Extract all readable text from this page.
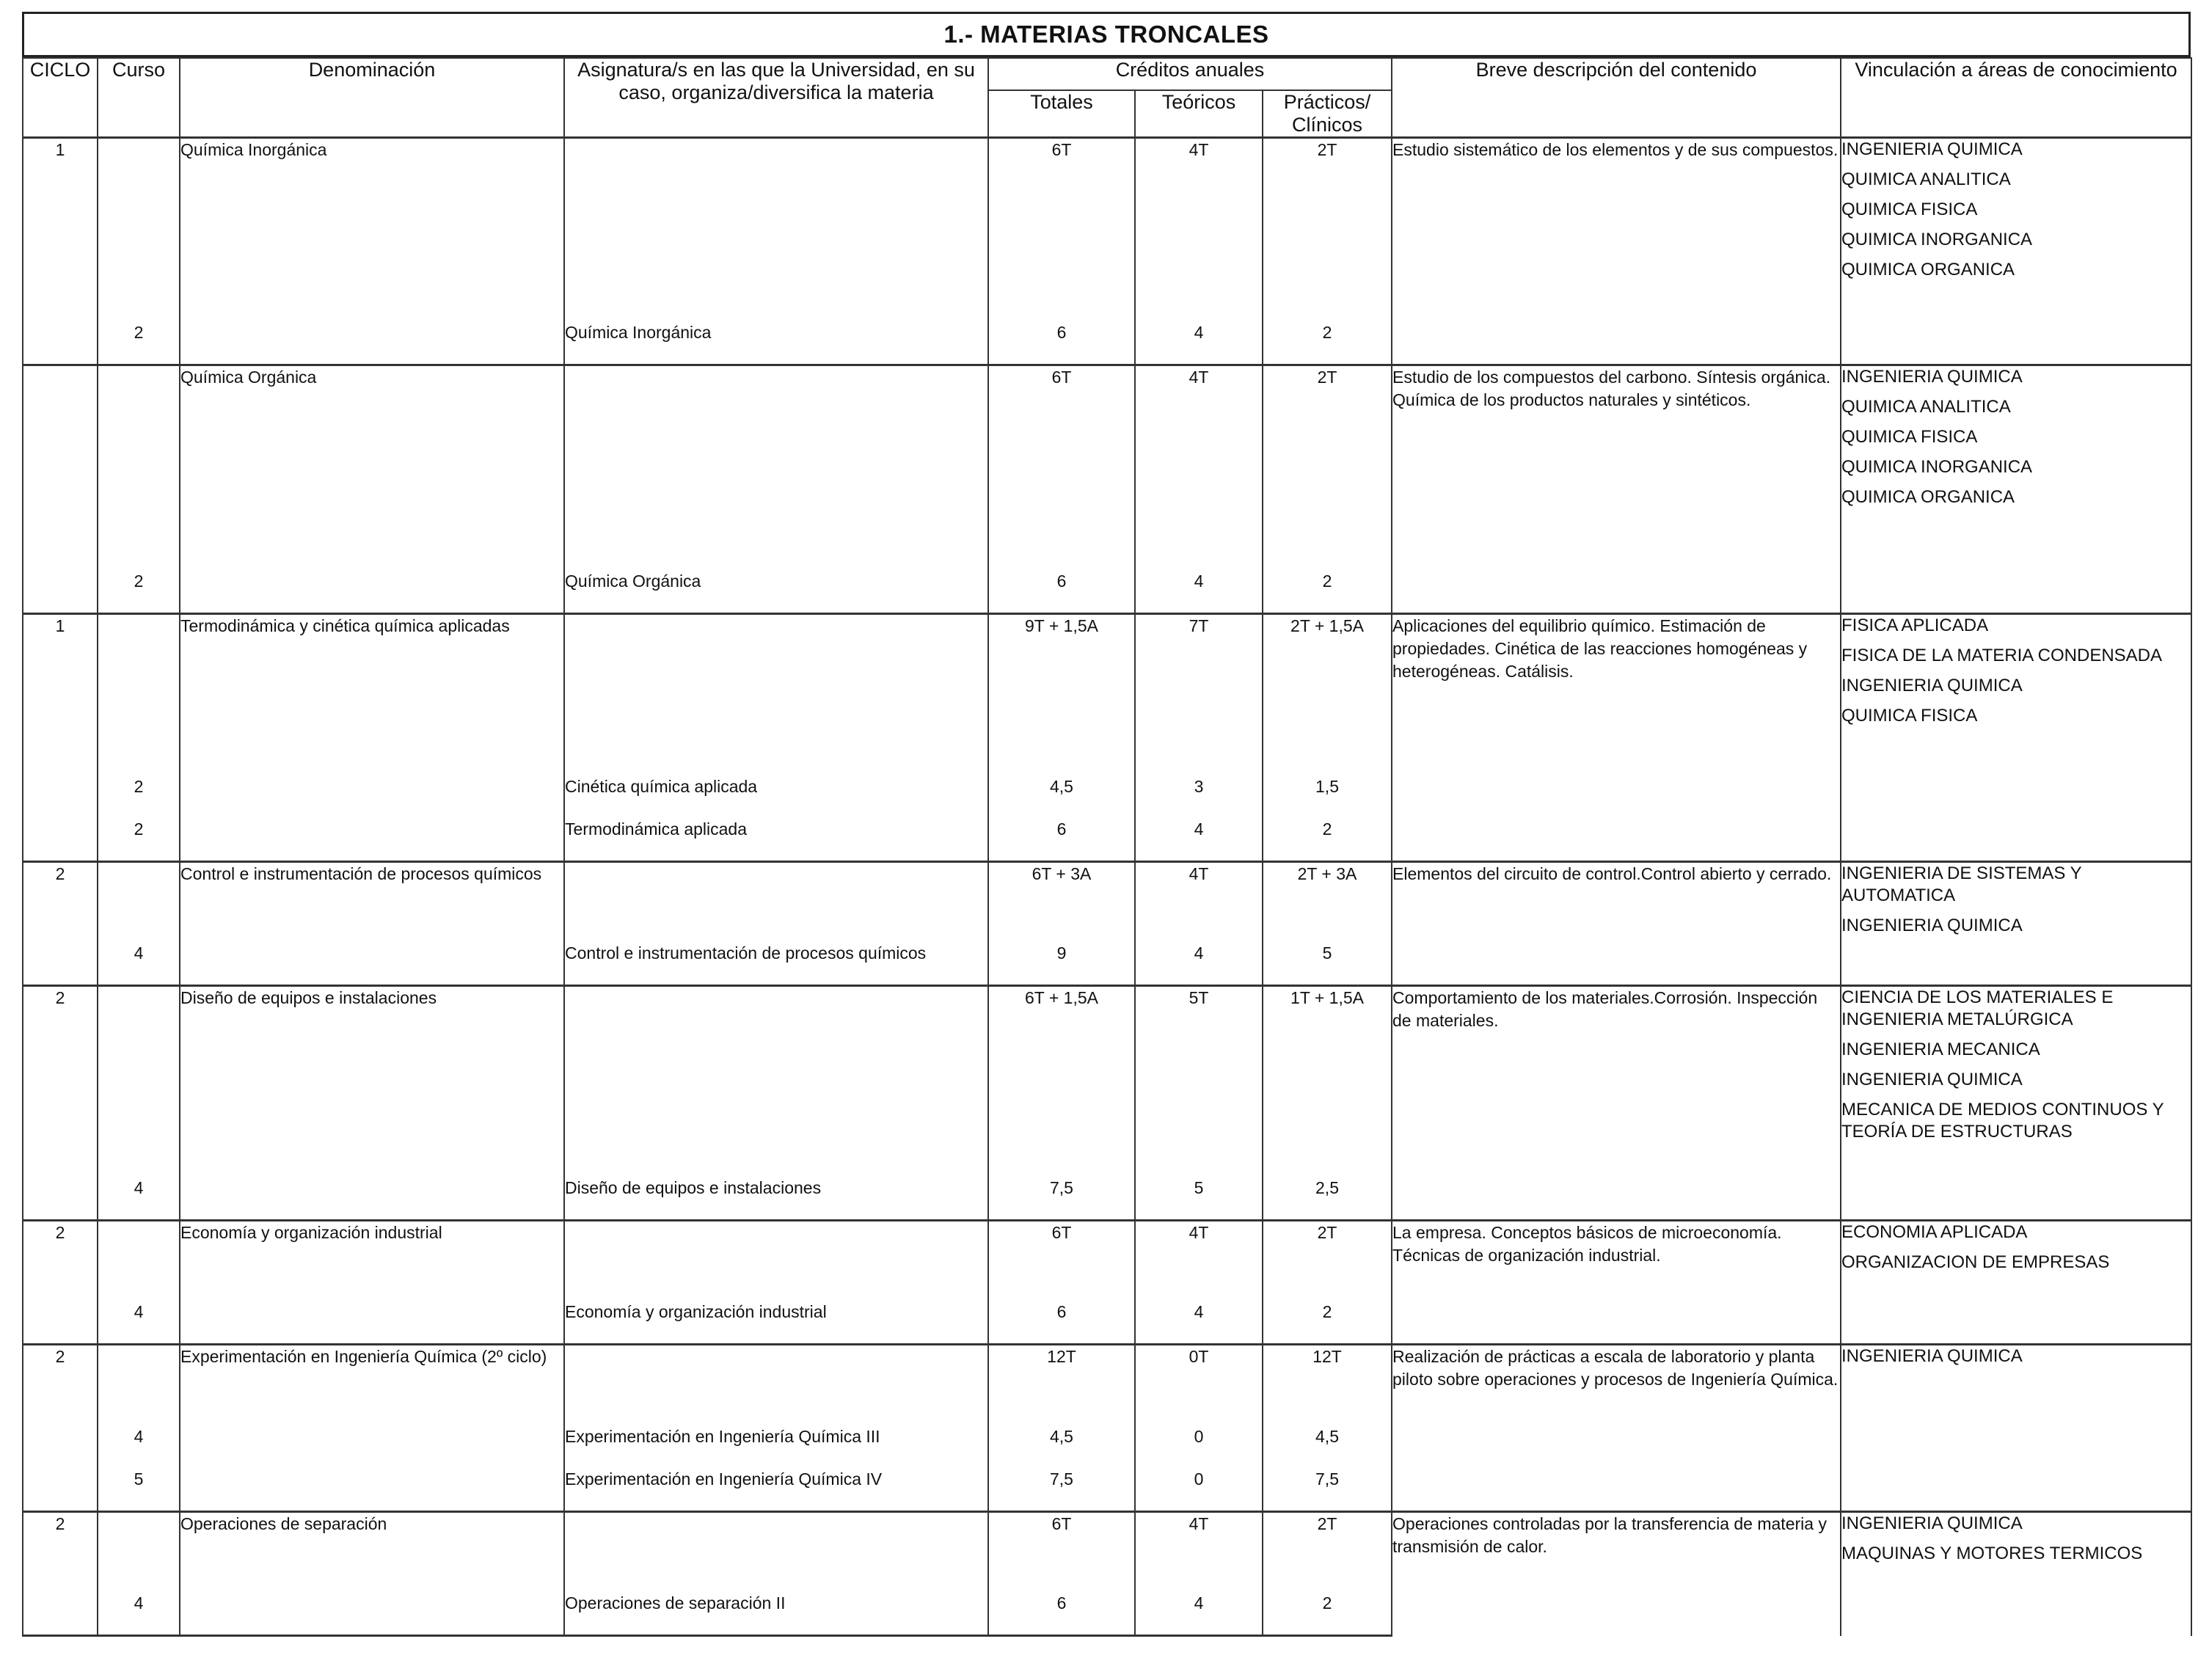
1.- MATERIAS TRONCALES
CICLO	Curso	Denominación	Asignatura/s en las que la Universidad, en su caso, organiza/diversifica la materia	Créditos anuales			Breve descripción del contenido	Vinculación a áreas de conocimiento
				Totales	Teóricos	Prácticos/ Clínicos		
1		Química Inorgánica		6T	4T	2T	Estudio sistemático de los elementos y de sus compuestos.	INGENIERIA QUIMICA
QUIMICA ANALITICA
QUIMICA FISICA
QUIMICA INORGANICA
QUIMICA ORGANICA

	2		Química Inorgánica	6	4	2		
		Química Orgánica		6T	4T	2T	Estudio de los compuestos del carbono. Síntesis orgánica. Química de los productos naturales y sintéticos.	INGENIERIA QUIMICA
QUIMICA ANALITICA
QUIMICA FISICA
QUIMICA INORGANICA
QUIMICA ORGANICA

	2		Química Orgánica	6	4	2		
1		Termodinámica y cinética química aplicadas		9T + 1,5A	7T	2T + 1,5A	Aplicaciones del equilibrio químico. Estimación de propiedades. Cinética de las reacciones homogéneas y heterogéneas. Catálisis.	FISICA APLICADA
FISICA DE LA MATERIA CONDENSADA
INGENIERIA QUIMICA
QUIMICA FISICA

	2		Cinética química aplicada	4,5	3	1,5		
	2		Termodinámica aplicada	6	4	2		
2		Control e instrumentación de procesos químicos		6T + 3A	4T	2T + 3A	Elementos del circuito de control.Control abierto y cerrado.	INGENIERIA DE SISTEMAS Y AUTOMATICA
INGENIERIA QUIMICA

	4		Control e instrumentación de procesos químicos	9	4	5		
2		Diseño de equipos e instalaciones		6T + 1,5A	5T	1T + 1,5A	Comportamiento de los materiales.Corrosión. Inspección de materiales.	CIENCIA DE LOS MATERIALES E INGENIERIA METALÚRGICA
INGENIERIA MECANICA
INGENIERIA QUIMICA
MECANICA DE MEDIOS CONTINUOS Y TEORÍA DE ESTRUCTURAS

	4		Diseño de equipos e instalaciones	7,5	5	2,5		
2		Economía y organización industrial		6T	4T	2T	La empresa. Conceptos básicos de microeconomía. Técnicas de organización industrial.	ECONOMIA APLICADA
ORGANIZACION DE EMPRESAS

	4		Economía y organización industrial	6	4	2		
2		Experimentación en Ingeniería Química (2º ciclo)		12T	0T	12T	Realización de prácticas a escala de laboratorio y planta piloto sobre operaciones y procesos de Ingeniería Química.	INGENIERIA QUIMICA

	4		Experimentación en Ingeniería Química III	4,5	0	4,5		
	5		Experimentación en Ingeniería Química IV	7,5	0	7,5		
2		Operaciones de separación		6T	4T	2T	Operaciones controladas por la transferencia de materia y transmisión de calor.	INGENIERIA QUIMICA
MAQUINAS Y MOTORES TERMICOS

	4		Operaciones de separación II	6	4	2		
